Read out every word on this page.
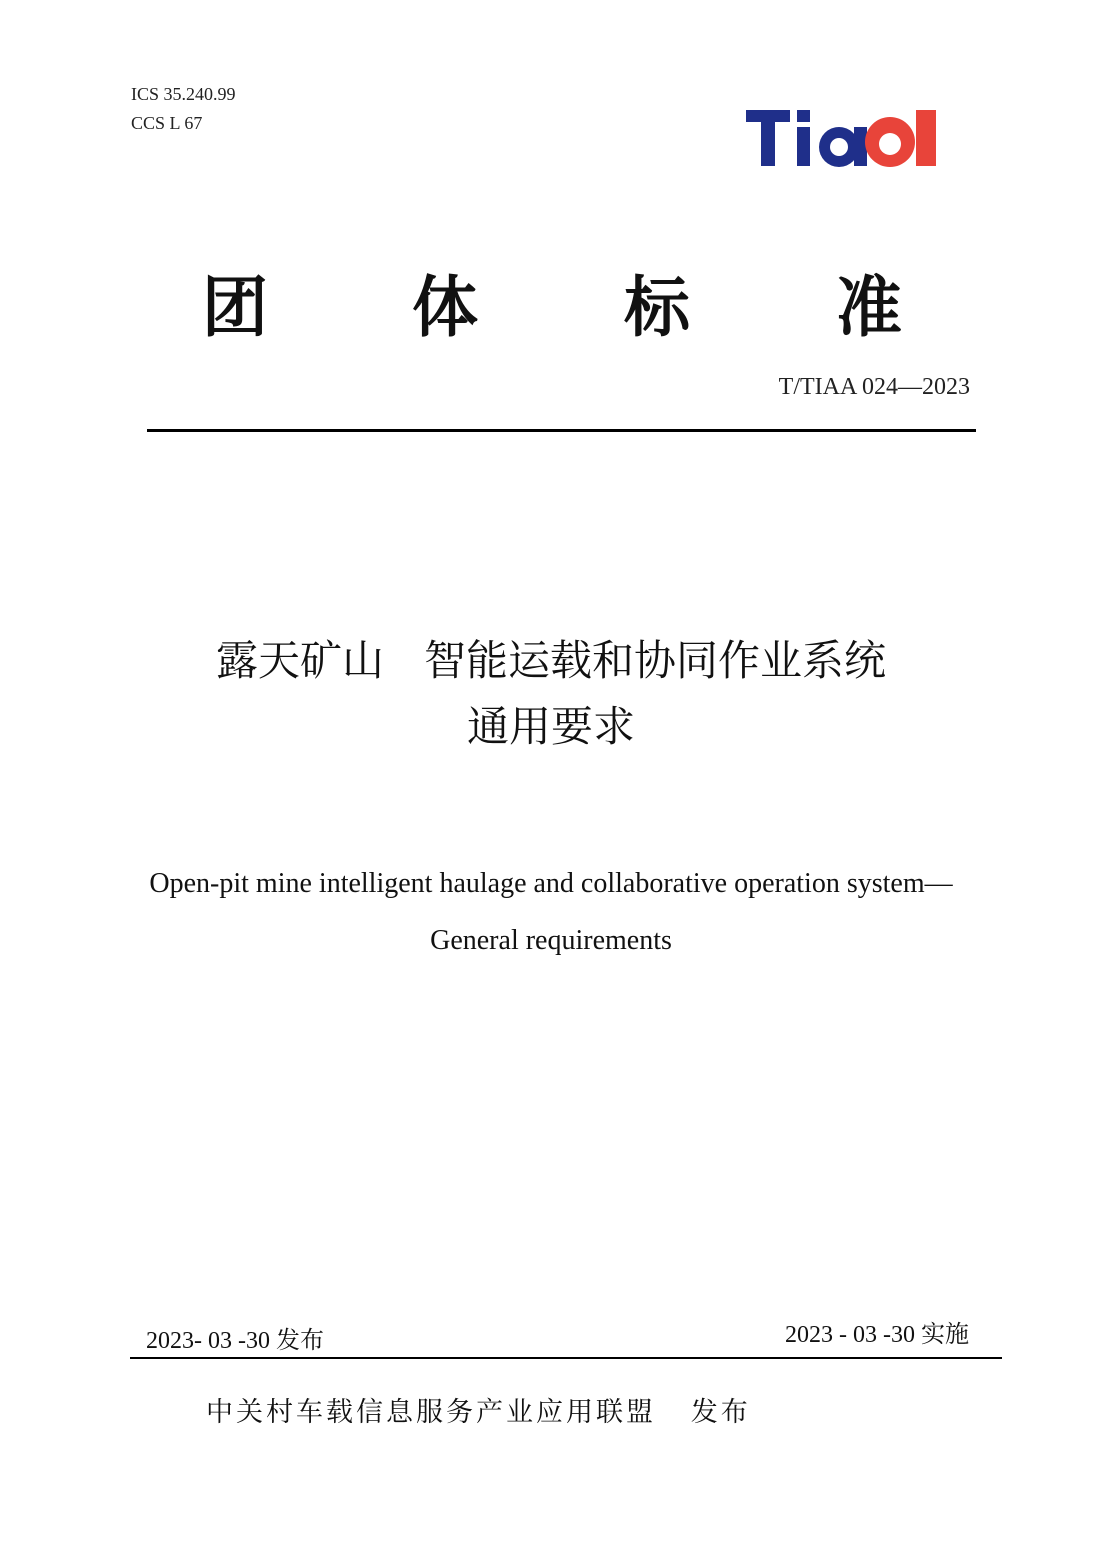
ICS 35.240.99
CCS L 67
TIAA
团 体 标 准
T/TIAA 024—2023
露天矿山   智能运载和协同作业系统
通用要求
Open-pit mine intelligent haulage and collaborative operation system—
General requirements
2023- 03 -30 发布	2023 - 03 -30 实施
中关村车载信息服务产业应用联盟   发布
